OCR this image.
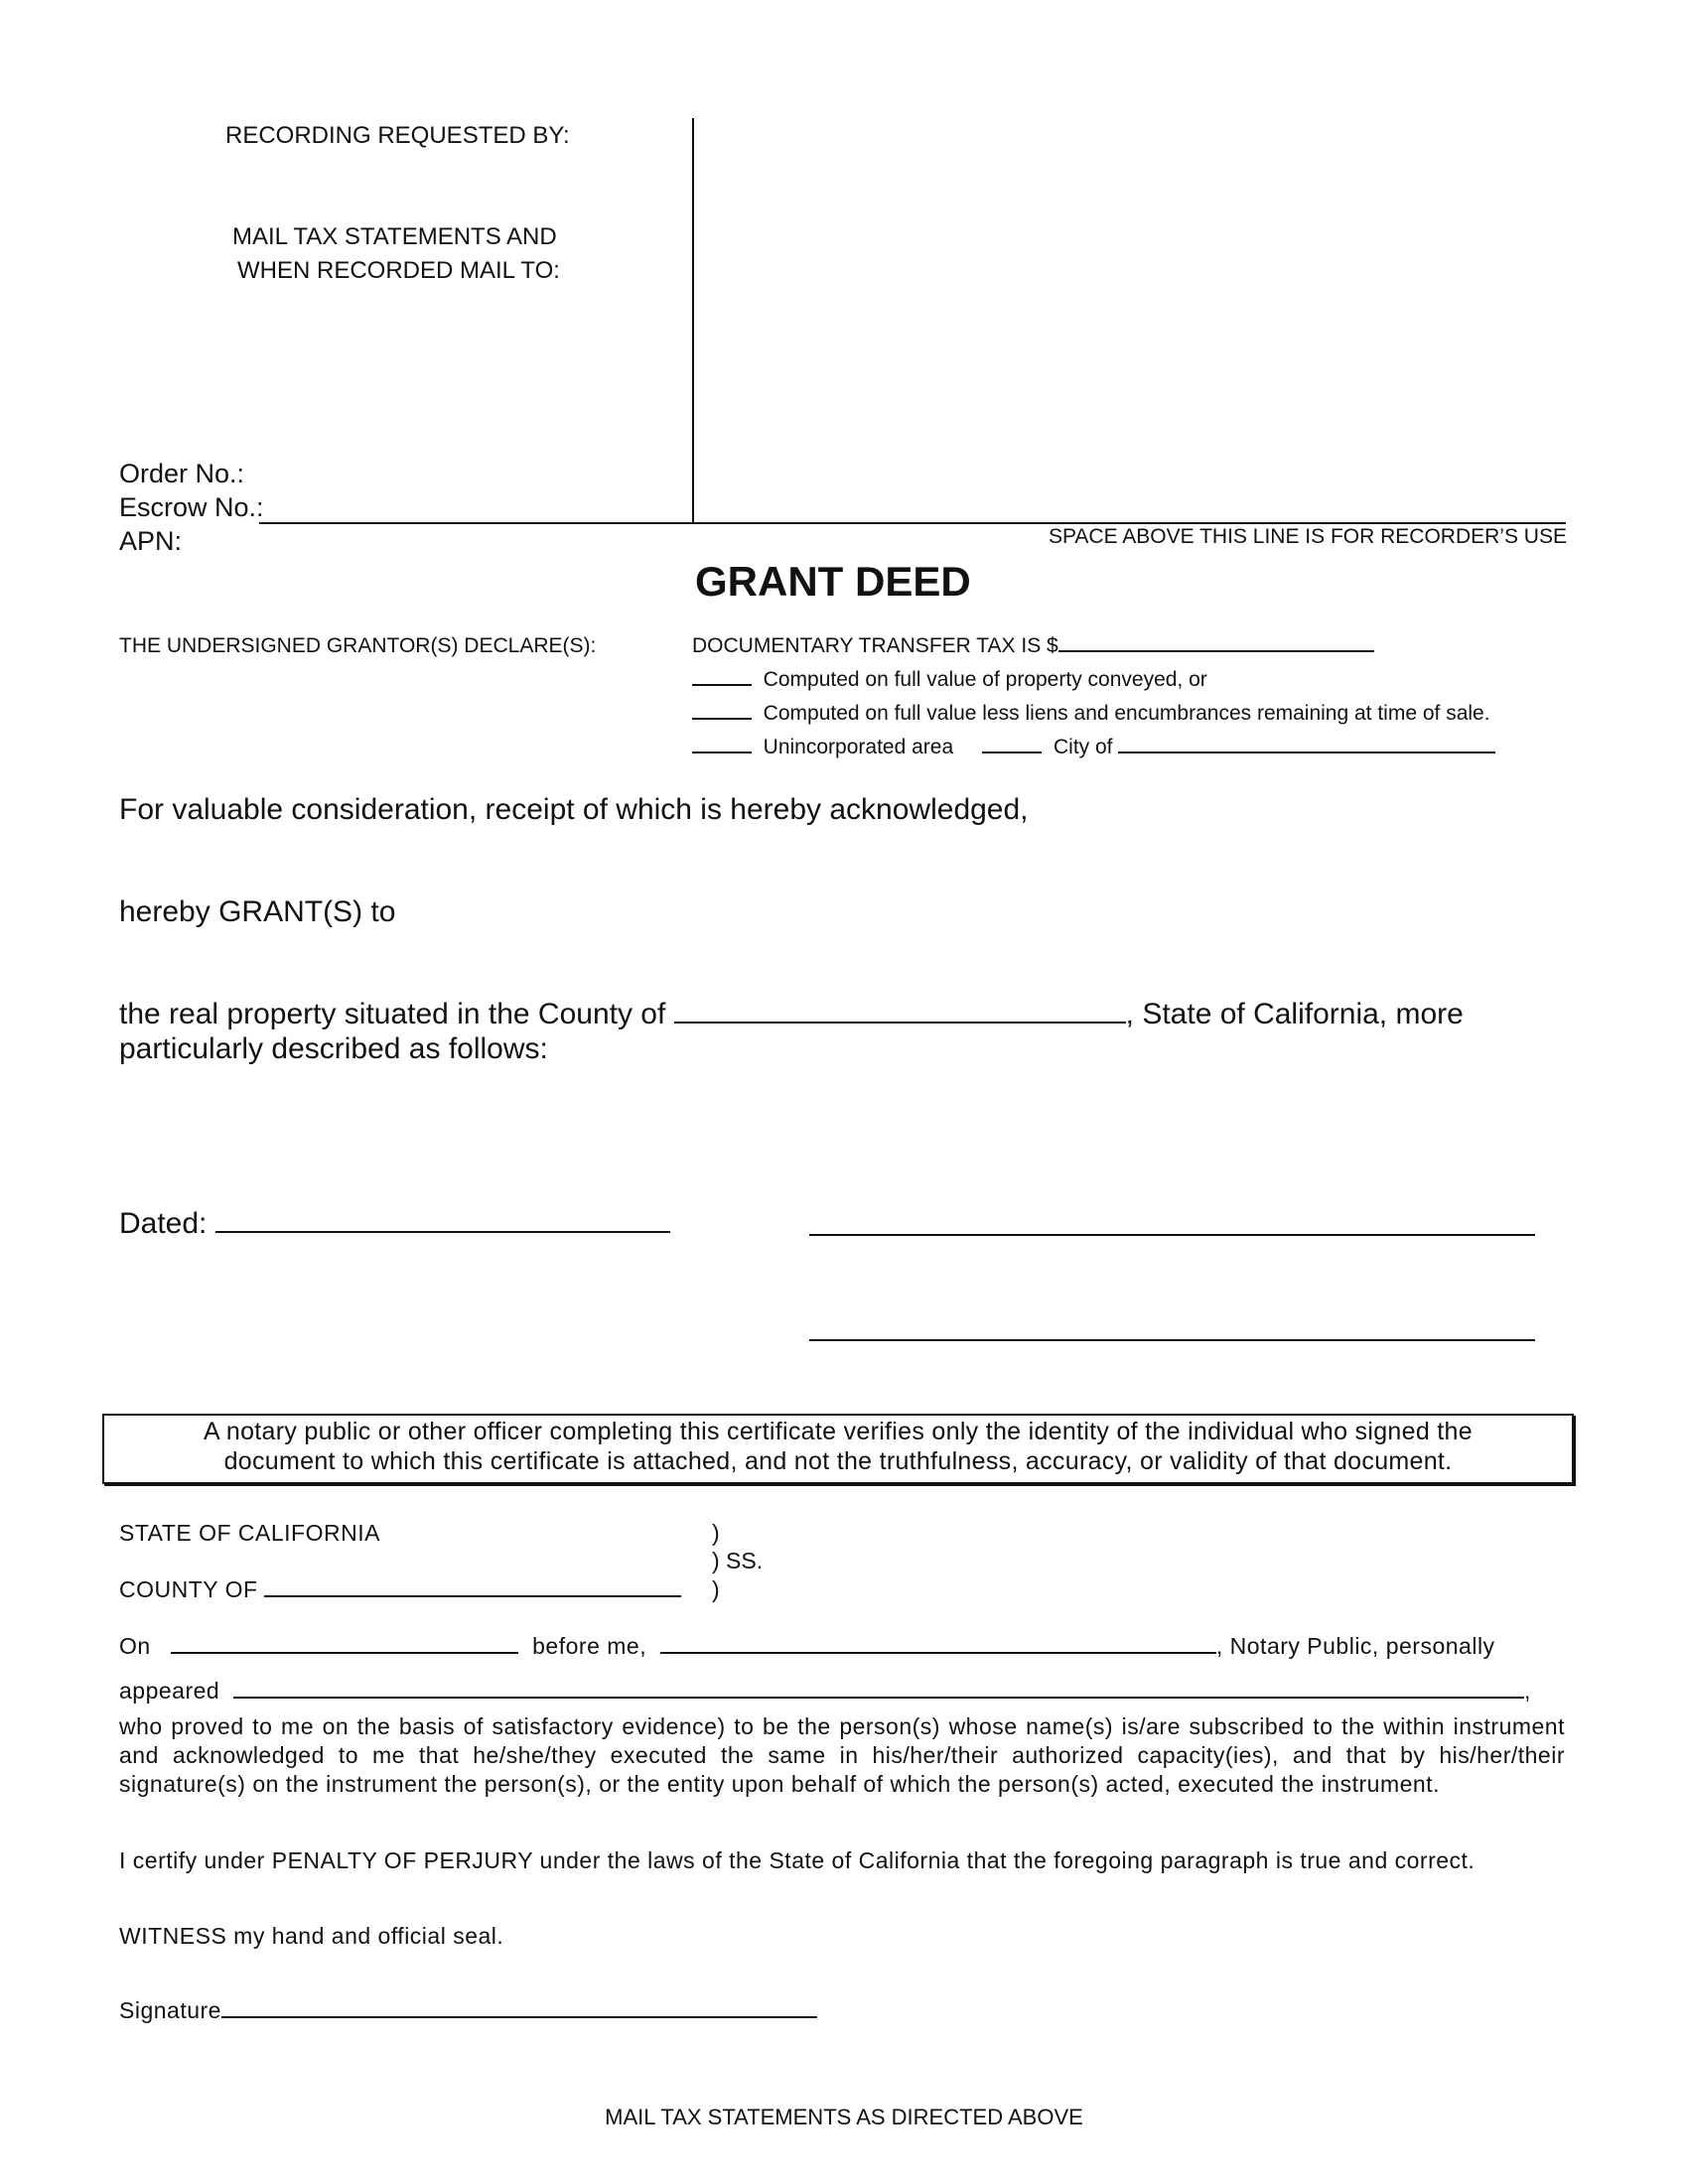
RECORDING REQUESTED BY:
MAIL TAX STATEMENTS AND
WHEN RECORDED MAIL TO:
Order No.:
Escrow No.:
APN:	SPACE ABOVE THIS LINE IS FOR RECORDER’S USE
GRANT DEED
THE UNDERSIGNED GRANTOR(S) DECLARE(S):	DOCUMENTARY TRANSFER TAX IS $
Computed on full value of property conveyed, or
Computed on full value less liens and encumbrances remaining at time of sale.
Unincorporated area	City of
For valuable consideration, receipt of which is hereby acknowledged,
hereby GRANT(S) to
the real property situated in the County of	, State of California, more
particularly described as follows:
Dated:
A notary public or other officer completing this certificate verifies only the identity of the individual who signed the
document to which this certificate is attached, and not the truthfulness, accuracy, or validity of that document.
STATE OF CALIFORNIA
COUNTY OF
)
) SS.
)
On	before me,	, Notary Public, personally
appeared	,
who proved to me on the basis of satisfactory evidence) to be the person(s) whose name(s) is/are subscribed to the within instrument and acknowledged to me that he/she/they executed the same in his/her/their authorized capacity(ies), and that by his/her/their signature(s) on the instrument the person(s), or the entity upon behalf of which the person(s) acted, executed the instrument.
I certify under PENALTY OF PERJURY under the laws of the State of California that the foregoing paragraph is true and correct.
WITNESS my hand and official seal.
Signature
MAIL TAX STATEMENTS AS DIRECTED ABOVE
